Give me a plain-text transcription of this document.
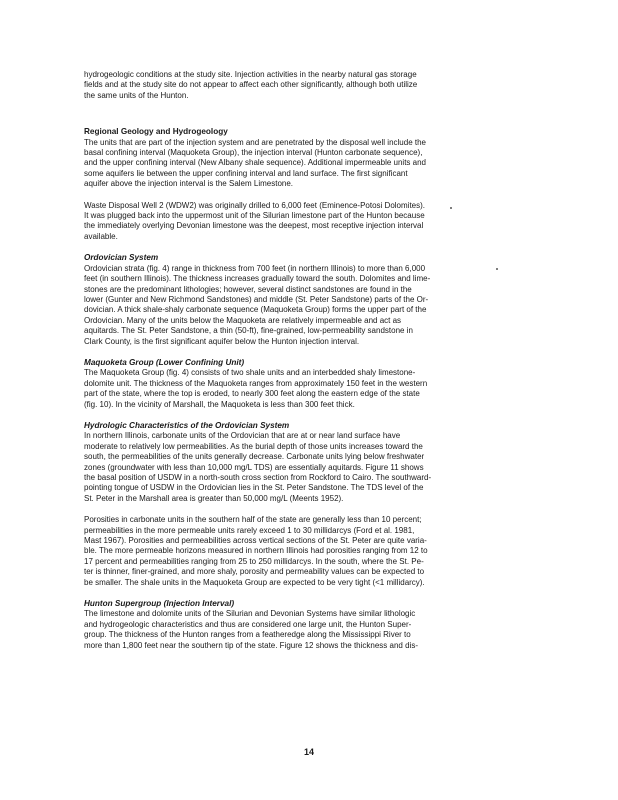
hydrogeologic conditions at the study site. Injection activities in the nearby natural gas storage
fields and at the study site do not appear to affect each other significantly, although both utilize
the same units of the Hunton.

Regional Geology and Hydrogeology

The units that are part of the injection system and are penetrated by the disposal well include the
basal confining interval (Maquoketa Group), the injection interval (Hunton carbonate sequence),
and the upper confining interval (New Albany shale sequence). Additional impermeable units and
some aquifers lie between the upper confining interval and land surface. The first significant
aquifer above the injection interval is the Salem Limestone.

Waste Disposal Well 2 (WDW2) was originally drilled to 6,000 feet (Eminence-Potosi Dolomites).
It was plugged back into the uppermost unit of the Silurian limestone part of the Hunton because
the immediately overlying Devonian limestone was the deepest, most receptive injection interval
available.

Ordovician System

Ordovician strata (fig. 4) range in thickness from 700 feet (in northern Illinois) to more than 6,000
feet (in southern Illinois). The thickness increases gradually toward the south. Dolomites and lime-
stones are the predominant lithologies; however, several distinct sandstones are found in the
lower (Gunter and New Richmond Sandstones) and middle (St. Peter Sandstone) parts of the Or-
dovician. A thick shale-shaly carbonate sequence (Maquoketa Group) forms the upper part of the
Ordovician. Many of the units below the Maquoketa are relatively impermeable and act as
aquitards. The St. Peter Sandstone, a thin (50-ft), fine-grained, low-permeability sandstone in
Clark County, is the first significant aquifer below the Hunton injection interval.

Maquoketa Group (Lower Confining Unit)

The Maquoketa Group (fig. 4) consists of two shale units and an interbedded shaly limestone-
dolomite unit. The thickness of the Maquoketa ranges from approximately 150 feet in the western
part of the state, where the top is eroded, to nearly 300 feet along the eastern edge of the state
(fig. 10). In the vicinity of Marshall, the Maquoketa is less than 300 feet thick.

Hydrologic Characteristics of the Ordovician System

In northern Illinois, carbonate units of the Ordovician that are at or near land surface have
moderate to relatively low permeabilities. As the burial depth of those units increases toward the
south, the permeabilities of the units generally decrease. Carbonate units lying below freshwater
zones (groundwater with less than 10,000 mg/L TDS) are essentially aquitards. Figure 11 shows
the basal position of USDW in a north-south cross section from Rockford to Cairo. The southward-
pointing tongue of USDW in the Ordovician lies in the St. Peter Sandstone. The TDS level of the
St. Peter in the Marshall area is greater than 50,000 mg/L (Meents 1952).

Porosities in carbonate units in the southern half of the state are generally less than 10 percent;
permeabilities in the more permeable units rarely exceed 1 to 30 millidarcys (Ford et al. 1981,
Mast 1967). Porosities and permeabilities across vertical sections of the St. Peter are quite varia-
ble. The more permeable horizons measured in northern Illinois had porosities ranging from 12 to
17 percent and permeabilities ranging from 25 to 250 millidarcys. In the south, where the St. Pe-
ter is thinner, finer-grained, and more shaly, porosity and permeability values can be expected to
be smaller. The shale units in the Maquoketa Group are expected to be very tight (<1 millidarcy).

Hunton Supergroup (Injection Interval)

The limestone and dolomite units of the Silurian and Devonian Systems have similar lithologic
and hydrogeologic characteristics and thus are considered one large unit, the Hunton Super-
group. The thickness of the Hunton ranges from a featheredge along the Mississippi River to
more than 1,800 feet near the southern tip of the state. Figure 12 shows the thickness and dis-

14
